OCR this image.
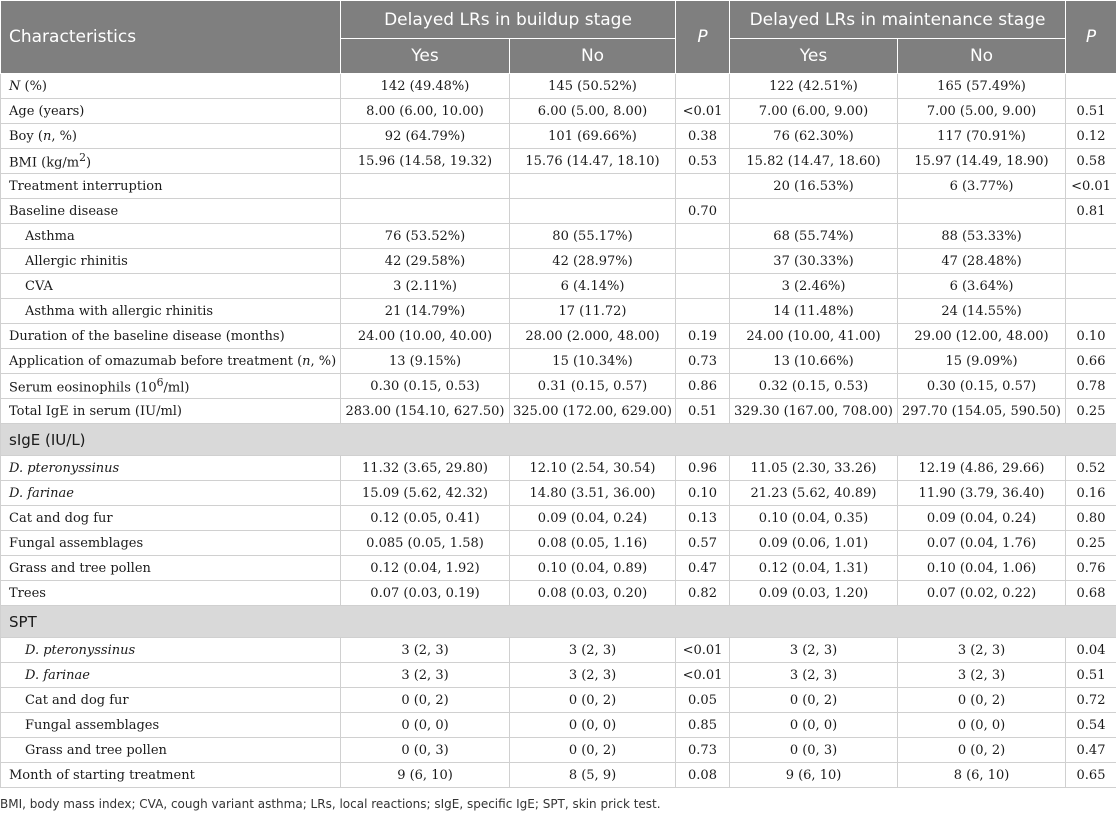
Characteristics	Delayed LRs in buildup stage		P	Delayed LRs in maintenance stage		P
	Yes	No		Yes	No	
N (%)	142 (49.48%)	145 (50.52%)		122 (42.51%)	165 (57.49%)	
Age (years)	8.00 (6.00, 10.00)	6.00 (5.00, 8.00)	<0.01	7.00 (6.00, 9.00)	7.00 (5.00, 9.00)	0.51
Boy (n, %)	92 (64.79%)	101 (69.66%)	0.38	76 (62.30%)	117 (70.91%)	0.12
BMI $(kg/m^2)$	15.96 (14.58, 19.32)	15.76 (14.47, 18.10)	0.53	15.82 (14.47, 18.60)	15.97 (14.49, 18.90)	0.58
Treatment interruption				20 (16.53%)	6 (3.77%)	<0.01
Baseline disease			0.70			0.81
Asthma	76 (53.52%)	80 (55.17%)		68 (55.74%)	88 (53.33%)	
Allergic rhinitis	42 (29.58%)	42 (28.97%)		37 (30.33%)	47 (28.48%)	
CVA	3 (2.11%)	6 (4.14%)		3 (2.46%)	6 (3.64%)	
Asthma with allergic rhinitis	21 (14.79%)	17 (11.72)		14 (11.48%)	24 (14.55%)	
Duration of the baseline disease (months)	24.00 (10.00, 40.00)	28.00 (2.000, 48.00)	0.19	24.00 (10.00, 41.00)	29.00 (12.00, 48.00)	0.10
Application of omazumab before treatment (n, %)	13 (9.15%)	15 (10.34%)	0.73	13 (10.66%)	15 (9.09%)	0.66
Serum eosinophils $(10^6/ml)$	0.30 (0.15, 0.53)	0.31 (0.15, 0.57)	0.86	0.32 (0.15, 0.53)	0.30 (0.15, 0.57)	0.78
Total IgE in serum (IU/ml)	283.00 (154.10, 627.50)	325.00 (172.00, 629.00)	0.51	329.30 (167.00, 708.00)	297.70 (154.05, 590.50)	0.25
sIgE (IU/L)						
D. pteronyssinus	11.32 (3.65, 29.80)	12.10 (2.54, 30.54)	0.96	11.05 (2.30, 33.26)	12.19 (4.86, 29.66)	0.52
D. farinae	15.09 (5.62, 42.32)	14.80 (3.51, 36.00)	0.10	21.23 (5.62, 40.89)	11.90 (3.79, 36.40)	0.16
Cat and dog fur	0.12 (0.05, 0.41)	0.09 (0.04, 0.24)	0.13	0.10 (0.04, 0.35)	0.09 (0.04, 0.24)	0.80
Fungal assemblages	0.085 (0.05, 1.58)	0.08 (0.05, 1.16)	0.57	0.09 (0.06, 1.01)	0.07 (0.04, 1.76)	0.25
Grass and tree pollen	0.12 (0.04, 1.92)	0.10 (0.04, 0.89)	0.47	0.12 (0.04, 1.31)	0.10 (0.04, 1.06)	0.76
Trees	0.07 (0.03, 0.19)	0.08 (0.03, 0.20)	0.82	0.09 (0.03, 1.20)	0.07 (0.02, 0.22)	0.68
SPT						
D. pteronyssinus	3 (2, 3)	3 (2, 3)	<0.01	3 (2, 3)	3 (2, 3)	0.04
D. farinae	3 (2, 3)	3 (2, 3)	<0.01	3 (2, 3)	3 (2, 3)	0.51
Cat and dog fur	0 (0, 2)	0 (0, 2)	0.05	0 (0, 2)	0 (0, 2)	0.72
Fungal assemblages	0 (0, 0)	0 (0, 0)	0.85	0 (0, 0)	0 (0, 0)	0.54
Grass and tree pollen	0 (0, 3)	0 (0, 2)	0.73	0 (0, 3)	0 (0, 2)	0.47
Month of starting treatment	9 (6, 10)	8 (5, 9)	0.08	9 (6, 10)	8 (6, 10)	0.65
BMI, body mass index; CVA, cough variant asthma; LRs, local reactions; sIgE, specific IgE; SPT, skin prick test.
